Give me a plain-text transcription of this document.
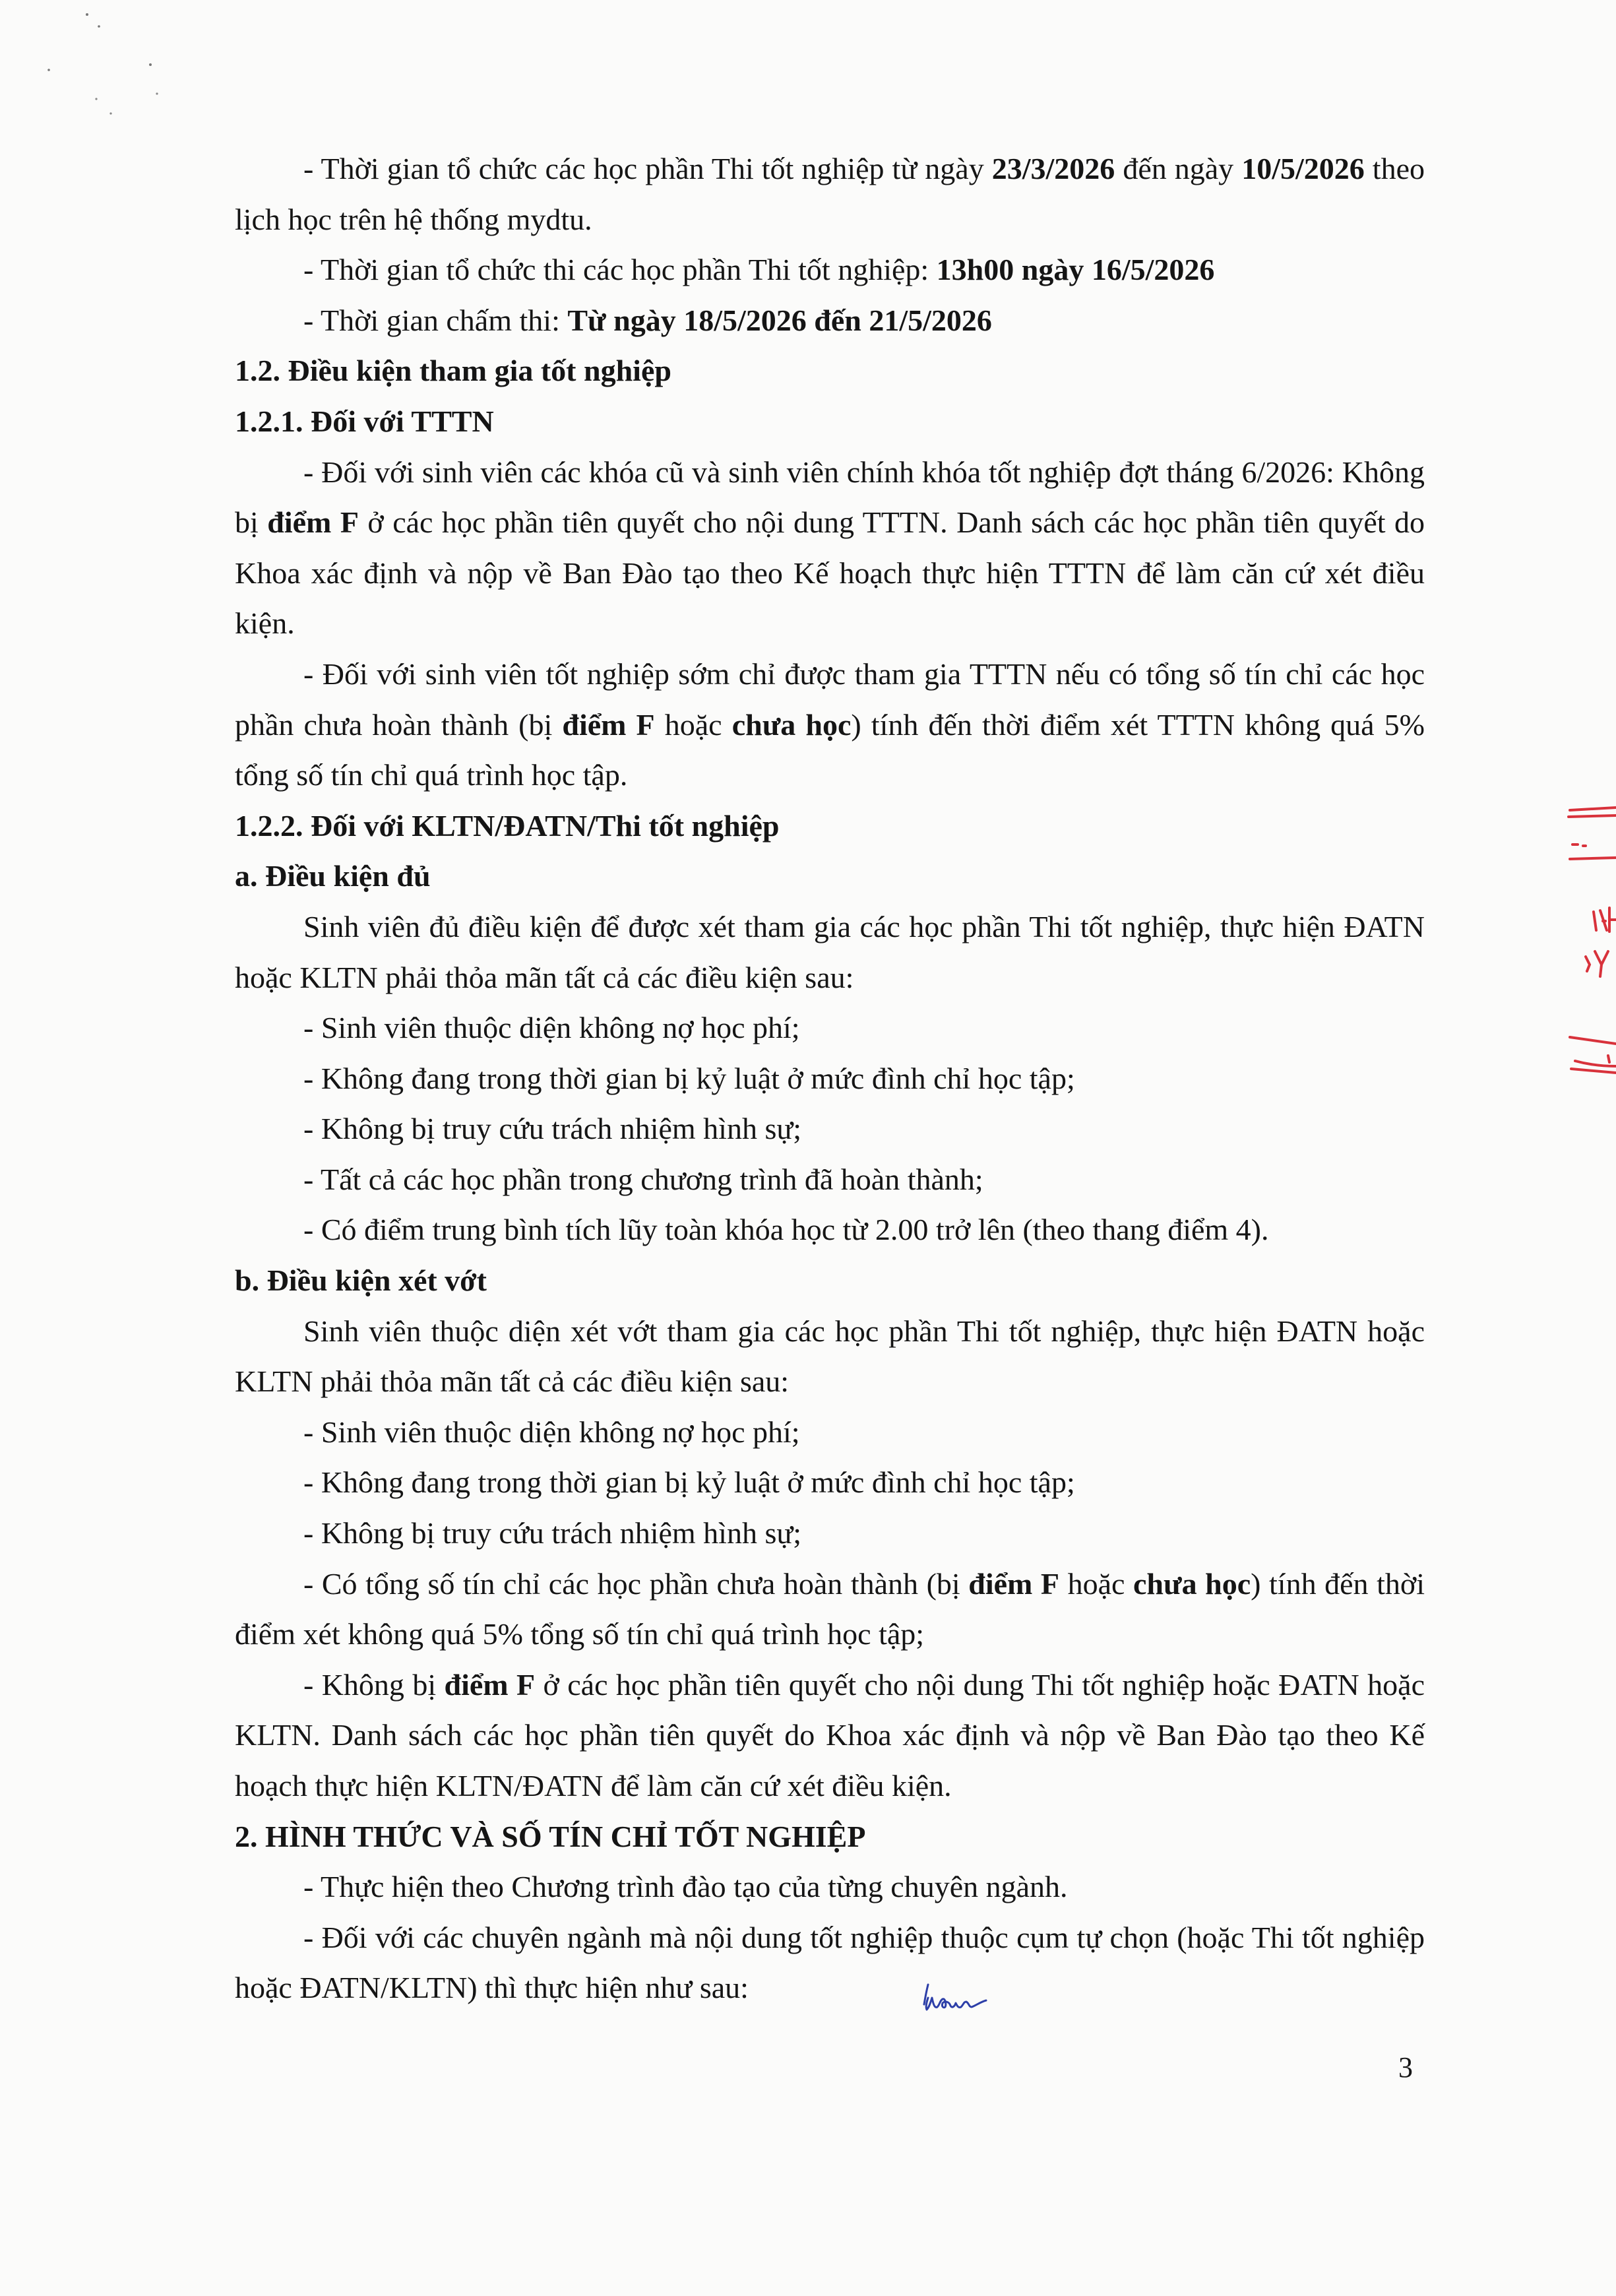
- Thời gian tổ chức các học phần Thi tốt nghiệp từ ngày 23/3/2026 đến ngày 10/5/2026 theo lịch học trên hệ thống mydtu.

- Thời gian tổ chức thi các học phần Thi tốt nghiệp: 13h00 ngày 16/5/2026

- Thời gian chấm thi: Từ ngày 18/5/2026 đến 21/5/2026

1.2. Điều kiện tham gia tốt nghiệp

1.2.1. Đối với TTTN

- Đối với sinh viên các khóa cũ và sinh viên chính khóa tốt nghiệp đợt tháng 6/2026: Không bị điểm F ở các học phần tiên quyết cho nội dung TTTN. Danh sách các học phần tiên quyết do Khoa xác định và nộp về Ban Đào tạo theo Kế hoạch thực hiện TTTN để làm căn cứ xét điều kiện.

- Đối với sinh viên tốt nghiệp sớm chỉ được tham gia TTTN nếu có tổng số tín chỉ các học phần chưa hoàn thành (bị điểm F hoặc chưa học) tính đến thời điểm xét TTTN không quá 5% tổng số tín chỉ quá trình học tập.

1.2.2. Đối với KLTN/ĐATN/Thi tốt nghiệp

a. Điều kiện đủ

Sinh viên đủ điều kiện để được xét tham gia các học phần Thi tốt nghiệp, thực hiện ĐATN hoặc KLTN phải thỏa mãn tất cả các điều kiện sau:

- Sinh viên thuộc diện không nợ học phí;

- Không đang trong thời gian bị kỷ luật ở mức đình chỉ học tập;

- Không bị truy cứu trách nhiệm hình sự;

- Tất cả các học phần trong chương trình đã hoàn thành;

- Có điểm trung bình tích lũy toàn khóa học từ 2.00 trở lên (theo thang điểm 4).

b. Điều kiện xét vớt

Sinh viên thuộc diện xét vớt tham gia các học phần Thi tốt nghiệp, thực hiện ĐATN hoặc KLTN phải thỏa mãn tất cả các điều kiện sau:

- Sinh viên thuộc diện không nợ học phí;

- Không đang trong thời gian bị kỷ luật ở mức đình chỉ học tập;

- Không bị truy cứu trách nhiệm hình sự;

- Có tổng số tín chỉ các học phần chưa hoàn thành (bị điểm F hoặc chưa học) tính đến thời điểm xét không quá 5% tổng số tín chỉ quá trình học tập;

- Không bị điểm F ở các học phần tiên quyết cho nội dung Thi tốt nghiệp hoặc ĐATN hoặc KLTN. Danh sách các học phần tiên quyết do Khoa xác định và nộp về Ban Đào tạo theo Kế hoạch thực hiện KLTN/ĐATN để làm căn cứ xét điều kiện.

2. HÌNH THỨC VÀ SỐ TÍN CHỈ TỐT NGHIỆP

- Thực hiện theo Chương trình đào tạo của từng chuyên ngành.

- Đối với các chuyên ngành mà nội dung tốt nghiệp thuộc cụm tự chọn (hoặc Thi tốt nghiệp hoặc ĐATN/KLTN) thì thực hiện như sau:

3
